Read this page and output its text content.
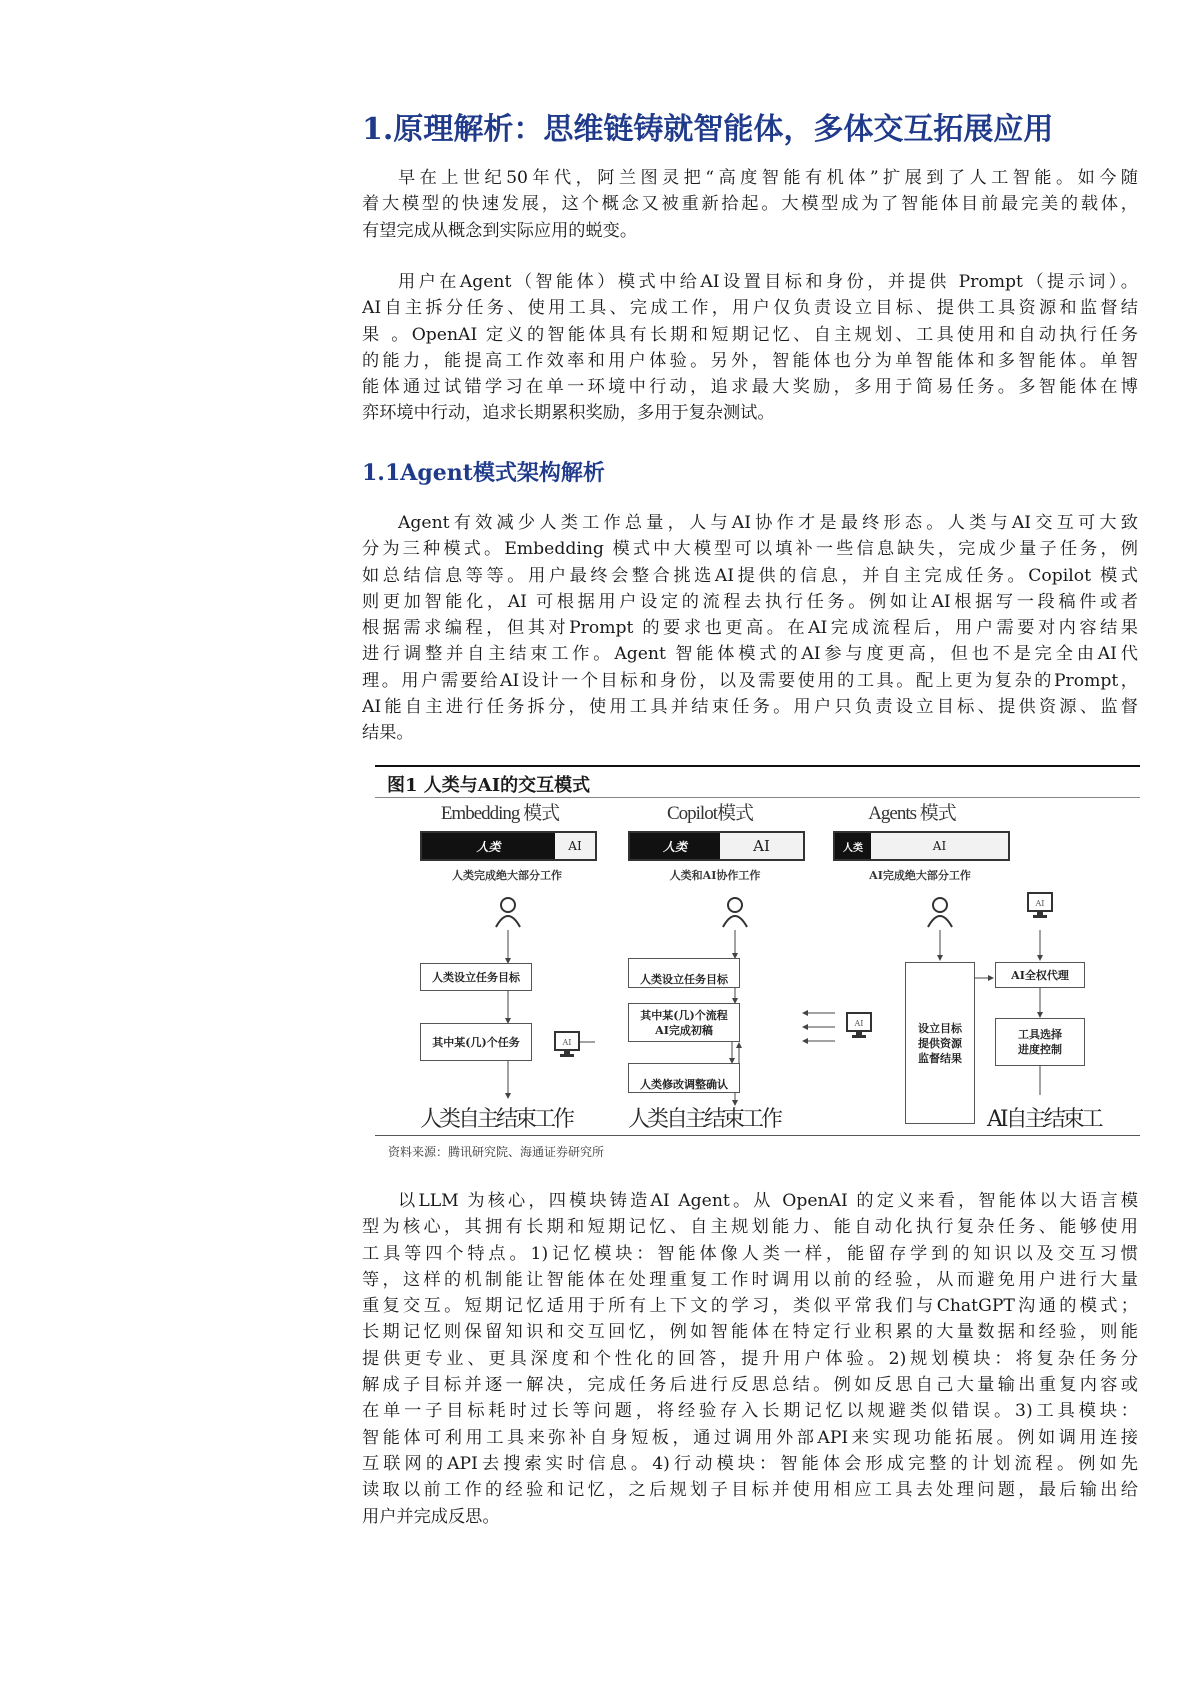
1.原理解析：思维链铸就智能体，多体交互拓展应用
早在上世纪50年代，阿兰图灵把“高度智能有机体”扩展到了人工智能。如今随
着大模型的快速发展，这个概念又被重新拾起。大模型成为了智能体目前最完美的载体，
有望完成从概念到实际应用的蜕变。
用户在Agent（智能体）模式中给AI设置目标和身份，并提供 Prompt（提示词）。
AI自主拆分任务、使用工具、完成工作，用户仅负责设立目标、提供工具资源和监督结
果 。OpenAI 定义的智能体具有长期和短期记忆、自主规划、工具使用和自动执行任务
的能力，能提高工作效率和用户体验。另外，智能体也分为单智能体和多智能体。单智
能体通过试错学习在单一环境中行动，追求最大奖励，多用于简易任务。多智能体在博
弈环境中行动，追求长期累积奖励，多用于复杂测试。
1.1Agent模式架构解析
Agent有效减少人类工作总量，人与AI协作才是最终形态。人类与AI交互可大致
分为三种模式。Embedding 模式中大模型可以填补一些信息缺失，完成少量子任务，例
如总结信息等等。用户最终会整合挑选AI提供的信息，并自主完成任务。Copilot 模式
则更加智能化，AI 可根据用户设定的流程去执行任务。例如让AI根据写一段稿件或者
根据需求编程，但其对Prompt 的要求也更高。在AI完成流程后，用户需要对内容结果
进行调整并自主结束工作。Agent 智能体模式的AI参与度更高，但也不是完全由AI代
理。用户需要给AI设计一个目标和身份，以及需要使用的工具。配上更为复杂的Prompt，
AI能自主进行任务拆分，使用工具并结束任务。用户只负责设立目标、提供资源、监督
结果。
图1 人类与AI的交互模式
Embedding 模式
人类	AI
人类完成绝大部分工作
人类设立任务目标
其中某(几)个任务
人类自主结束工作
AI
Copilot模式
人类	AI
人类和AI协作工作
人类设立任务目标
其中某(几)个流程
AI完成初稿
人类修改调整确认
人类自主结束工作
AI
Agents 模式
人类	AI
AI完成绝大部分工作
AI
设立目标
提供资源
监督结果
AI全权代理
工具选择
进度控制
AI自主结束工
资料来源：腾讯研究院、海通证券研究所
以LLM 为核心，四模块铸造AI Agent。从 OpenAI 的定义来看，智能体以大语言模
型为核心，其拥有长期和短期记忆、自主规划能力、能自动化执行复杂任务、能够使用
工具等四个特点。1)记忆模块：智能体像人类一样，能留存学到的知识以及交互习惯
等，这样的机制能让智能体在处理重复工作时调用以前的经验，从而避免用户进行大量
重复交互。短期记忆适用于所有上下文的学习，类似平常我们与ChatGPT沟通的模式；
长期记忆则保留知识和交互回忆，例如智能体在特定行业积累的大量数据和经验，则能
提供更专业、更具深度和个性化的回答，提升用户体验。2)规划模块：将复杂任务分
解成子目标并逐一解决，完成任务后进行反思总结。例如反思自己大量输出重复内容或
在单一子目标耗时过长等问题，将经验存入长期记忆以规避类似错误。3)工具模块：
智能体可利用工具来弥补自身短板，通过调用外部API来实现功能拓展。例如调用连接
互联网的API去搜索实时信息。4)行动模块：智能体会形成完整的计划流程。例如先
读取以前工作的经验和记忆，之后规划子目标并使用相应工具去处理问题，最后输出给
用户并完成反思。
